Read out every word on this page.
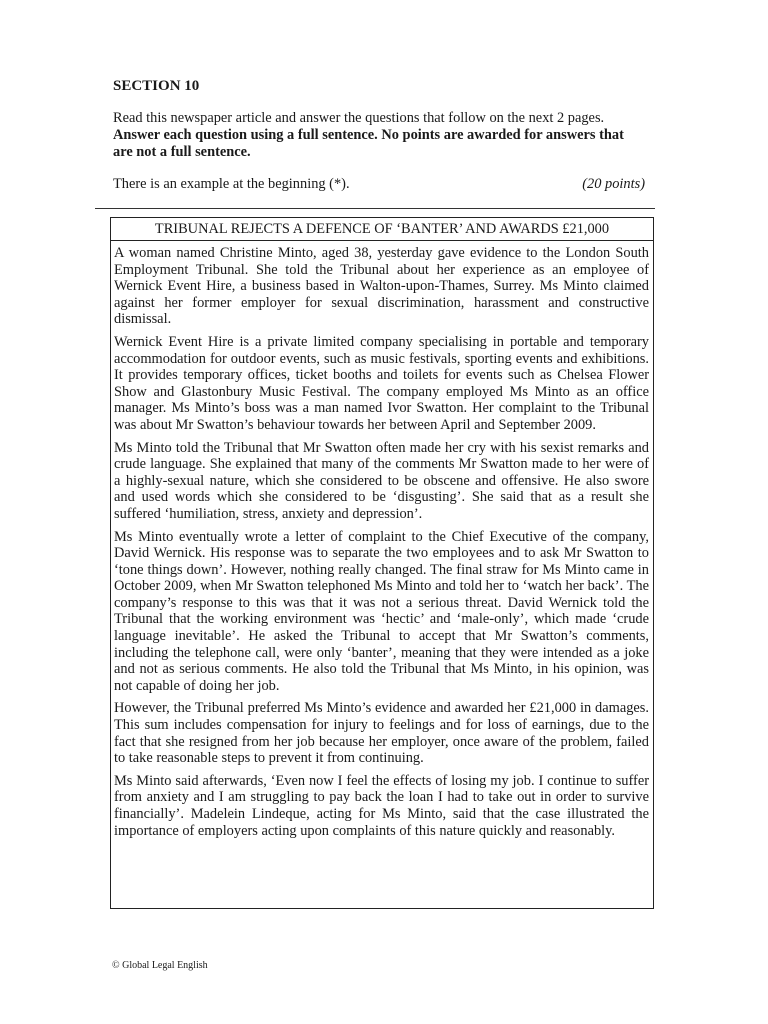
SECTION 10
Read this newspaper article and answer the questions that follow on the next 2 pages.
Answer each question using a full sentence. No points are awarded for answers that are not a full sentence.
There is an example at the beginning (*).	(20 points)
TRIBUNAL REJECTS A DEFENCE OF ‘BANTER’ AND AWARDS £21,000

A woman named Christine Minto, aged 38, yesterday gave evidence to the London South Employment Tribunal. She told the Tribunal about her experience as an employee of Wernick Event Hire, a business based in Walton-upon-Thames, Surrey. Ms Minto claimed against her former employer for sexual discrimination, harassment and constructive dismissal.

Wernick Event Hire is a private limited company specialising in portable and temporary accommodation for outdoor events, such as music festivals, sporting events and exhibitions. It provides temporary offices, ticket booths and toilets for events such as Chelsea Flower Show and Glastonbury Music Festival. The company employed Ms Minto as an office manager. Ms Minto’s boss was a man named Ivor Swatton. Her complaint to the Tribunal was about Mr Swatton’s behaviour towards her between April and September 2009.

Ms Minto told the Tribunal that Mr Swatton often made her cry with his sexist remarks and crude language. She explained that many of the comments Mr Swatton made to her were of a highly-sexual nature, which she considered to be obscene and offensive. He also swore and used words which she considered to be ‘disgusting’. She said that as a result she suffered ‘humiliation, stress, anxiety and depression’.

Ms Minto eventually wrote a letter of complaint to the Chief Executive of the company, David Wernick. His response was to separate the two employees and to ask Mr Swatton to ‘tone things down’. However, nothing really changed. The final straw for Ms Minto came in October 2009, when Mr Swatton telephoned Ms Minto and told her to ‘watch her back’. The company’s response to this was that it was not a serious threat. David Wernick told the Tribunal that the working environment was ‘hectic’ and ‘male-only’, which made ‘crude language inevitable’. He asked the Tribunal to accept that Mr Swatton’s comments, including the telephone call, were only ‘banter’, meaning that they were intended as a joke and not as serious comments. He also told the Tribunal that Ms Minto, in his opinion, was not capable of doing her job.

However, the Tribunal preferred Ms Minto’s evidence and awarded her £21,000 in damages. This sum includes compensation for injury to feelings and for loss of earnings, due to the fact that she resigned from her job because her employer, once aware of the problem, failed to take reasonable steps to prevent it from continuing.

Ms Minto said afterwards, ‘Even now I feel the effects of losing my job. I continue to suffer from anxiety and I am struggling to pay back the loan I had to take out in order to survive financially’. Madelein Lindeque, acting for Ms Minto, said that the case illustrated the importance of employers acting upon complaints of this nature quickly and reasonably.

© Global Legal English
